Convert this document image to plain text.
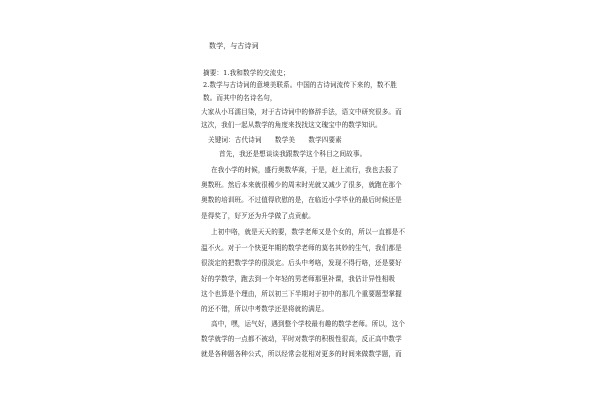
数学，与古诗词
摘要：1.我和数学的交流史；
2.数学与古诗词的意境美联系。中国的古诗词流传下来的，数不胜
数。而其中的名诗名句，
大家从小耳濡目染，对于古诗词中的修辞手法，语文中研究很多。而
这次，我们一起从数学的角度来找找这文瑰宝中的数学知识。
关键词：古代诗词　　数学美　　数学四要素
首先，我还是想谈谈我跟数学这个科目之间故事。
在我小学的时候，盛行奥数华赛，于是，赶上流行，我也去报了
奥数班。然后本来就很稀少的周末时光就又减少了很多，就跑在那个
奥数的培训班。不过值得欣慰的是，在临近小学毕业的最后时候还是
是得奖了，好歹还为升学做了点贡献。
上初中咯，就是天天的要，数学老师又是个女的，所以一直都是不
温不火。对于一个快更年期的数学老师的莫名其妙的生气，我们都是
很淡定的把数学学的很淡定。后头中考咯，发现不得行咯，还是要好
好的学数学，跑去到一个年轻的男老师那里补课，我估计异性相吸
这个也算是个理由，所以初三下半期对于初中的那几个重要题型掌握
的还不错，所以中考数学还是将就的满足。
高中，嘿，运气好，遇到整个学校最有趣的数学老师。所以，这个
数学就学的一点都不被动，平时对数学的积极性很高，反正高中数学
就是各种题各种公式，所以经常会花相对更多的时间来做数学题，而
